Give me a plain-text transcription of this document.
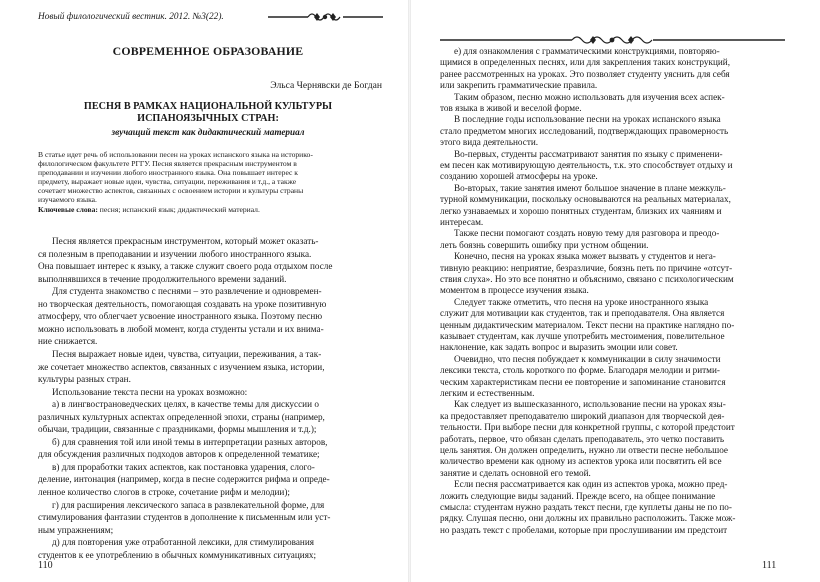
Новый филологический вестник. 2012. №3(22).
СОВРЕМЕННОЕ ОБРАЗОВАНИЕ
Эльса Чернявски де Богдан
ПЕСНЯ В РАМКАХ НАЦИОНАЛЬНОЙ КУЛЬТУРЫ
ИСПАНОЯЗЫЧНЫХ СТРАН:
звучащий текст как дидактический материал
В статье идет речь об использовании песен на уроках испанского языка на историко-
филологическом факультете РГГУ. Песня является прекрасным инструментом в
преподавании и изучении любого иностранного языка. Она повышает интерес к
предмету, выражает новые идеи, чувства, ситуации, переживания и т.д., а также
сочетает множество аспектов, связанных с освоением истории и культуры страны
изучаемого языка.
Ключевые слова: песня; испанский язык; дидактический материал.
Песня является прекрасным инструментом, который может оказать-
ся полезным в преподавании и изучении любого иностранного языка.
Она повышает интерес к языку, а также служит своего рода отдыхом после
выполнявшихся в течение продолжительного времени заданий.
Для студента знакомство с песнями – это развлечение и одновремен-
но творческая деятельность, помогающая создавать на уроке позитивную
атмосферу, что облегчает усвоение иностранного языка. Поэтому песню
можно использовать в любой момент, когда студенты устали и их внима-
ние снижается.
Песня выражает новые идеи, чувства, ситуации, переживания, а так-
же сочетает множество аспектов, связанных с изучением языка, истории,
культуры разных стран.
Использование текста песни на уроках возможно:
а) в лингвострановедческих целях, в качестве темы для дискуссии о
различных культурных аспектах определенной эпохи, страны (например,
обычаи, традиции, связанные с праздниками, формы мышления и т.д.);
б) для сравнения той или иной темы в интерпретации разных авторов,
для обсуждения различных подходов авторов к определенной тематике;
в) для проработки таких аспектов, как постановка ударения, слого-
деление, интонация (например, когда в песне содержится рифма и опреде-
ленное количество слогов в строке, сочетание рифм и мелодии);
г) для расширения лексического запаса в развлекательной форме, для
стимулирования фантазии студентов в дополнение к письменным или уст-
ным упражнениям;
д) для повторения уже отработанной лексики, для стимулирования
студентов к ее употреблению в обычных коммуникативных ситуациях;
110
е) для ознакомления с грамматическими конструкциями, повторяю-
щимися в определенных песнях, или для закрепления таких конструкций,
ранее рассмотренных на уроках. Это позволяет студенту уяснить для себя
или закрепить грамматические правила.
Таким образом, песню можно использовать для изучения всех аспек-
тов языка в живой и веселой форме.
В последние годы использование песни на уроках испанского языка
стало предметом многих исследований, подтверждающих правомерность
этого вида деятельности.
Во-первых, студенты рассматривают занятия по языку с применени-
ем песен как мотивирующую деятельность, т.к. это способствует отдыху и
созданию хорошей атмосферы на уроке.
Во-вторых, такие занятия имеют большое значение в плане межкуль-
турной коммуникации, поскольку основываются на реальных материалах,
легко узнаваемых и хорошо понятных студентам, близких их чаяниям и
интересам.
Также песни помогают создать новую тему для разговора и преодо-
леть боязнь совершить ошибку при устном общении.
Конечно, песня на уроках языка может вызвать у студентов и нега-
тивную реакцию: неприятие, безразличие, боязнь петь по причине «отсут-
ствия слуха». Но это все понятно и объяснимо, связано с психологическим
моментом в процессе изучения языка.
Следует также отметить, что песня на уроке иностранного языка
служит для мотивации как студентов, так и преподавателя. Она является
ценным дидактическим материалом. Текст песни на практике наглядно по-
казывает студентам, как лучше употребить местоимения, повелительное
наклонение, как задать вопрос и выразить эмоции или совет.
Очевидно, что песня побуждает к коммуникации в силу значимости
лексики текста, столь короткого по форме. Благодаря мелодии и ритми-
ческим характеристикам песни ее повторение и запоминание становится
легким и естественным.
Как следует из вышесказанного, использование песни на уроках язы-
ка предоставляет преподавателю широкий диапазон для творческой дея-
тельности. При выборе песни для конкретной группы, с которой предстоит
работать, первое, что обязан сделать преподаватель, это четко поставить
цель занятия. Он должен определить, нужно ли отвести песне небольшое
количество времени как одному из аспектов урока или посвятить ей все
занятие и сделать основной его темой.
Если песня рассматривается как один из аспектов урока, можно пред-
ложить следующие виды заданий. Прежде всего, на общее понимание
смысла: студентам нужно раздать текст песни, где куплеты даны не по по-
рядку. Слушая песню, они должны их правильно расположить. Также мож-
но раздать текст с пробелами, которые при прослушивании им предстоит
111
